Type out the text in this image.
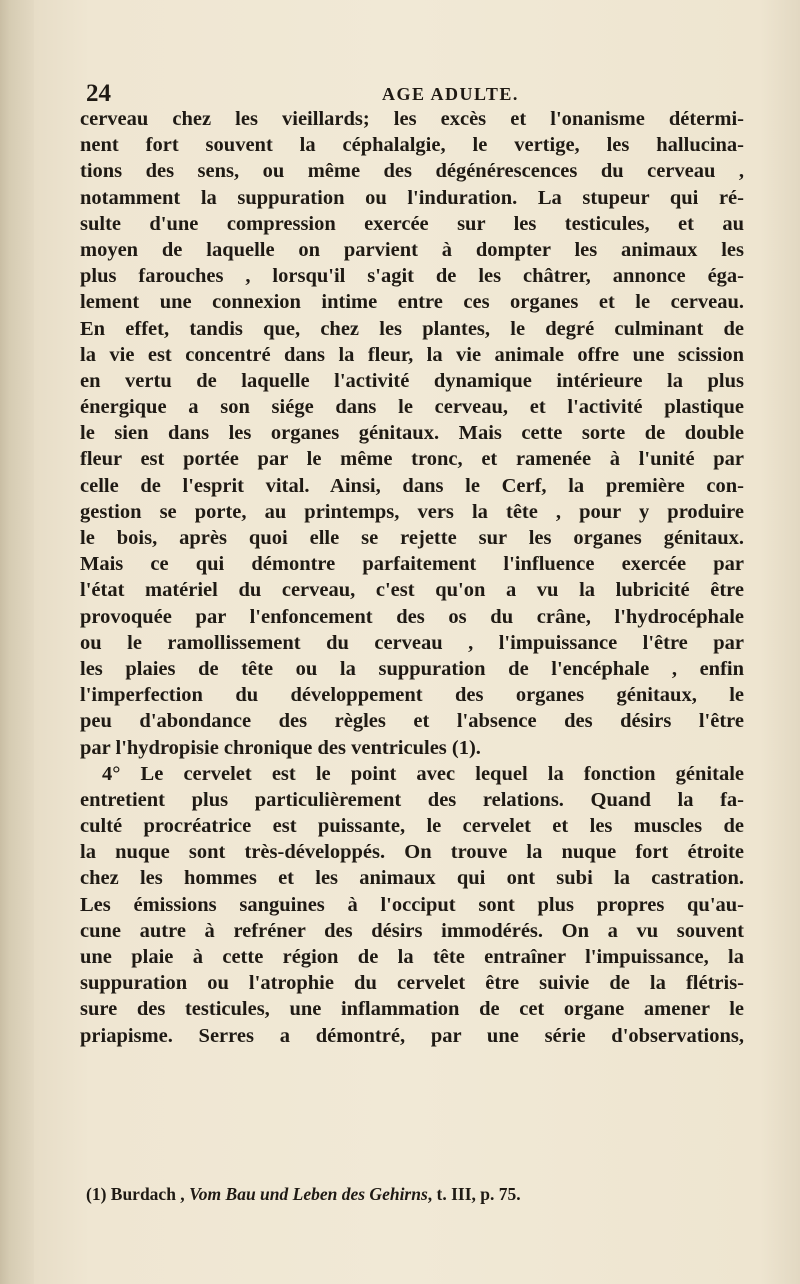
24	AGE ADULTE.
cerveau chez les vieillards; les excès et l'onanisme détermi-
nent fort souvent la céphalalgie, le vertige, les hallucina-
tions des sens, ou même des dégénérescences du cerveau ,
notamment la suppuration ou l'induration. La stupeur qui ré-
sulte d'une compression exercée sur les testicules, et au
moyen de laquelle on parvient à dompter les animaux les
plus farouches , lorsqu'il s'agit de les châtrer, annonce éga-
lement une connexion intime entre ces organes et le cerveau.
En effet, tandis que, chez les plantes, le degré culminant de
la vie est concentré dans la fleur, la vie animale offre une scission
en vertu de laquelle l'activité dynamique intérieure la plus
énergique a son siége dans le cerveau, et l'activité plastique
le sien dans les organes génitaux. Mais cette sorte de double
fleur est portée par le même tronc, et ramenée à l'unité par
celle de l'esprit vital. Ainsi, dans le Cerf, la première con-
gestion se porte, au printemps, vers la tête , pour y produire
le bois, après quoi elle se rejette sur les organes génitaux.
Mais ce qui démontre parfaitement l'influence exercée par
l'état matériel du cerveau, c'est qu'on a vu la lubricité être
provoquée par l'enfoncement des os du crâne, l'hydrocéphale
ou le ramollissement du cerveau , l'impuissance l'être par
les plaies de tête ou la suppuration de l'encéphale , enfin
l'imperfection du développement des organes génitaux, le
peu d'abondance des règles et l'absence des désirs l'être
par l'hydropisie chronique des ventricules (1).
4° Le cervelet est le point avec lequel la fonction génitale
entretient plus particulièrement des relations. Quand la fa-
culté procréatrice est puissante, le cervelet et les muscles de
la nuque sont très-développés. On trouve la nuque fort étroite
chez les hommes et les animaux qui ont subi la castration.
Les émissions sanguines à l'occiput sont plus propres qu'au-
cune autre à refréner des désirs immodérés. On a vu souvent
une plaie à cette région de la tête entraîner l'impuissance, la
suppuration ou l'atrophie du cervelet être suivie de la flétris-
sure des testicules, une inflammation de cet organe amener le
priapisme. Serres a démontré, par une série d'observations,
(1) Burdach , Vom Bau und Leben des Gehirns, t. III, p. 75.
